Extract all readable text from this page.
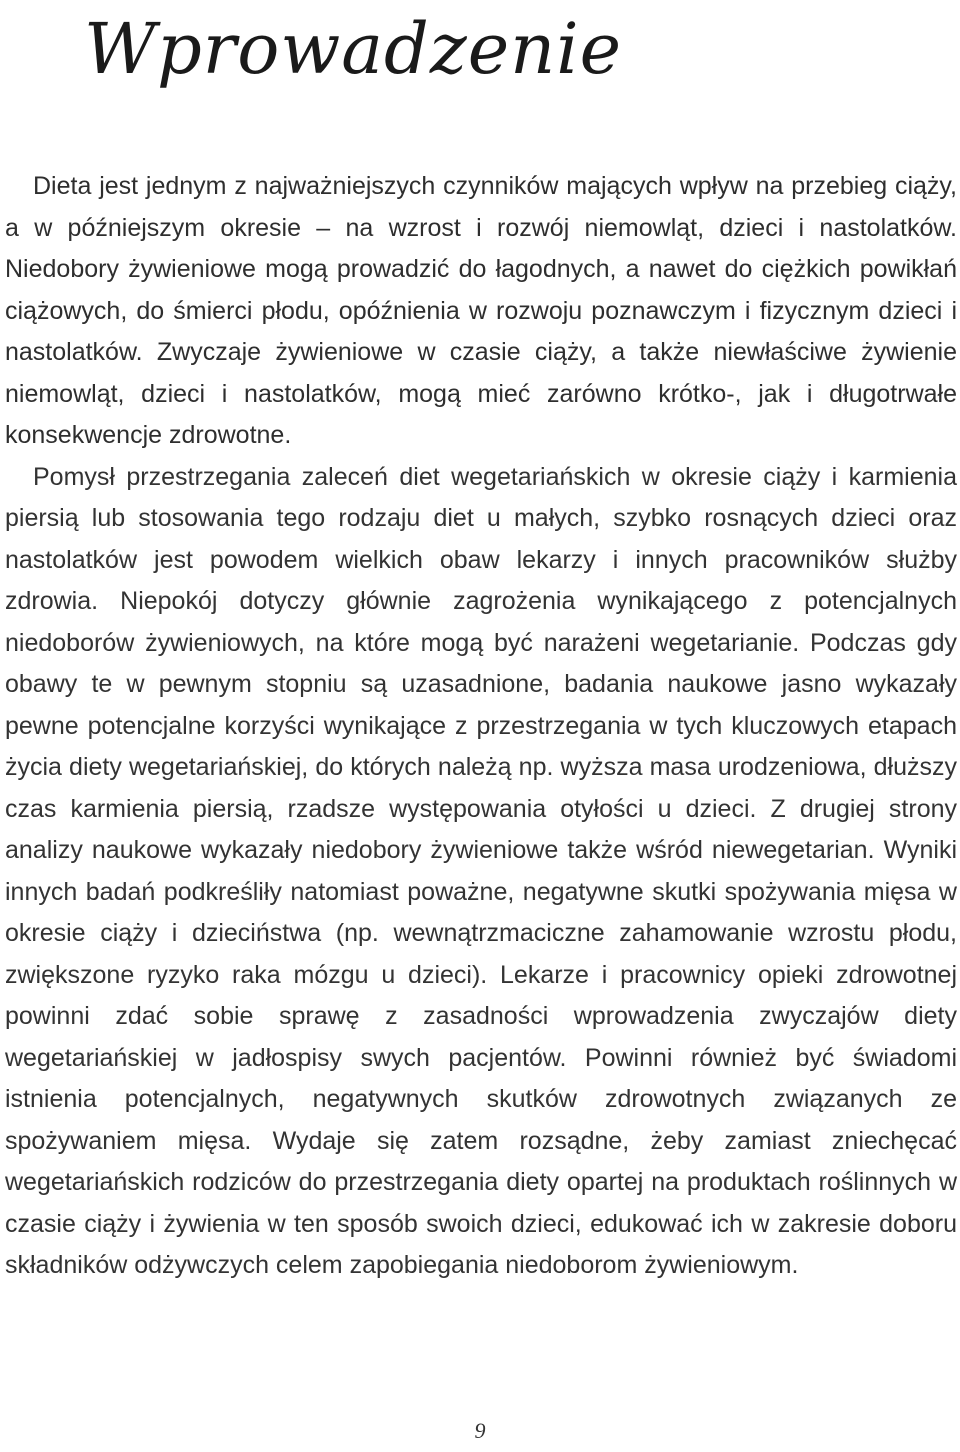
Wprowadzenie

Dieta jest jednym z najważniejszych czynników mających wpływ na przebieg ciąży, a w późniejszym okresie – na wzrost i rozwój niemowląt, dzieci i nastolatków. Niedobory żywieniowe mogą prowadzić do łagodnych, a nawet do ciężkich powikłań ciążowych, do śmierci płodu, opóźnienia w rozwoju poznawczym i fizycznym dzieci i nastolatków. Zwyczaje żywieniowe w czasie ciąży, a także niewłaściwe żywienie niemowląt, dzieci i nastolatków, mogą mieć zarówno krótko-, jak i długotrwałe konsekwencje zdrowotne.

Pomysł przestrzegania zaleceń diet wegetariańskich w okresie ciąży i karmienia piersią lub stosowania tego rodzaju diet u małych, szybko rosnących dzieci oraz nastolatków jest powodem wielkich obaw lekarzy i innych pracowników służby zdrowia. Niepokój dotyczy głównie zagrożenia wynikającego z potencjalnych niedoborów żywieniowych, na które mogą być narażeni wegetarianie. Podczas gdy obawy te w pewnym stopniu są uzasadnione, badania naukowe jasno wykazały pewne potencjalne korzyści wynikające z przestrzegania w tych kluczowych etapach życia diety wegetariańskiej, do których należą np. wyższa masa urodzeniowa, dłuższy czas karmienia piersią, rzadsze występowania otyłości u dzieci. Z drugiej strony analizy naukowe wykazały niedobory żywieniowe także wśród niewegetarian. Wyniki innych badań podkreśliły natomiast poważne, negatywne skutki spożywania mięsa w okresie ciąży i dzieciństwa (np. wewnątrzmaciczne zahamowanie wzrostu płodu, zwiększone ryzyko raka mózgu u dzieci). Lekarze i pracownicy opieki zdrowotnej powinni zdać sobie sprawę z zasadności wprowadzenia zwyczajów diety wegetariańskiej w jadłospisy swych pacjentów. Powinni również być świadomi istnienia potencjalnych, negatywnych skutków zdrowotnych związanych ze spożywaniem mięsa. Wydaje się zatem rozsądne, żeby zamiast zniechęcać wegetariańskich rodziców do przestrzegania diety opartej na produktach roślinnych w czasie ciąży i żywienia w ten sposób swoich dzieci, edukować ich w zakresie doboru składników odżywczych celem zapobiegania niedoborom żywieniowym.

9
